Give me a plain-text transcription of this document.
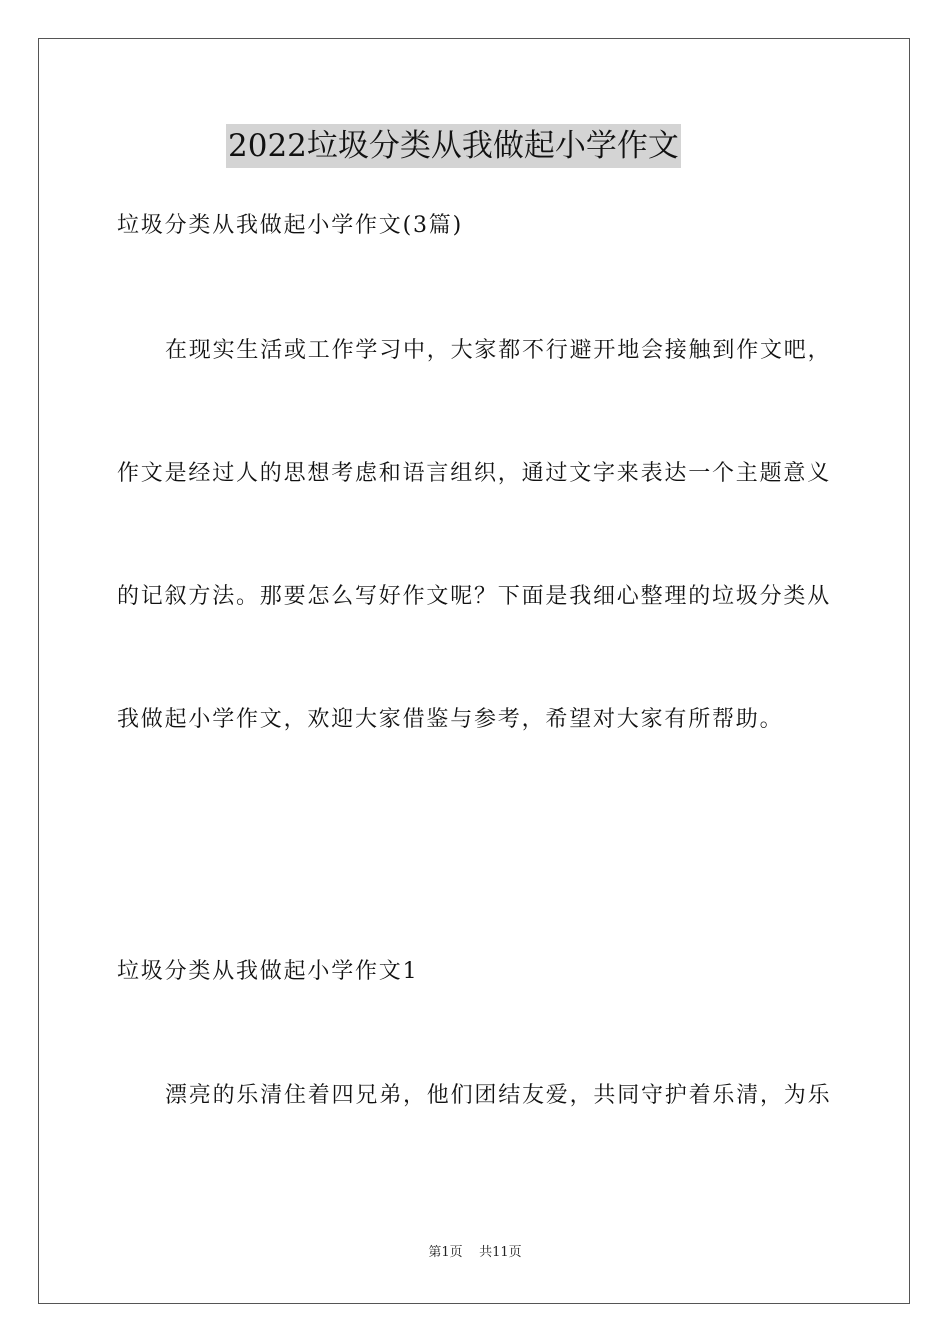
2022垃圾分类从我做起小学作文
垃圾分类从我做起小学作文(3篇)
在现实生活或工作学习中，大家都不行避开地会接触到作文吧，
作文是经过人的思想考虑和语言组织，通过文字来表达一个主题意义
的记叙方法。那要怎么写好作文呢？下面是我细心整理的垃圾分类从
我做起小学作文，欢迎大家借鉴与参考，希望对大家有所帮助。
垃圾分类从我做起小学作文1
漂亮的乐清住着四兄弟，他们团结友爱，共同守护着乐清，为乐
第1页    共11页
